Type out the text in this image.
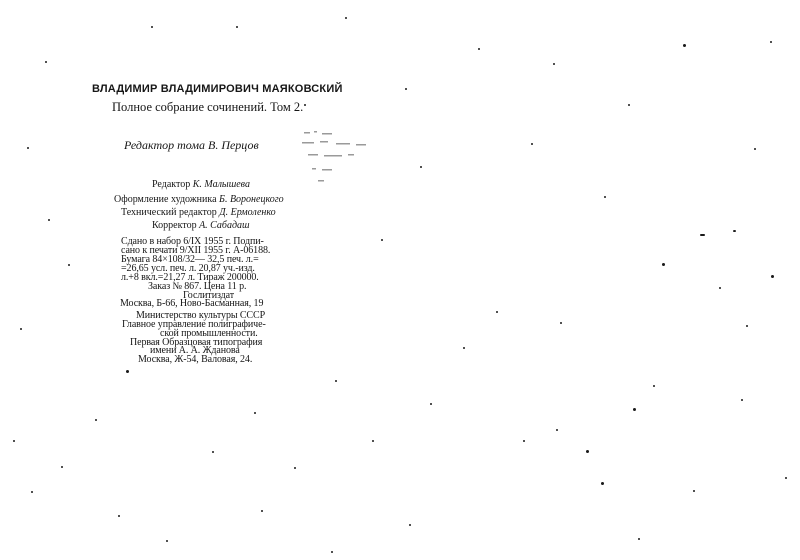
ВЛАДИМИР ВЛАДИМИРОВИЧ МАЯКОВСКИЙ
Полное собрание сочинений. Том 2.
Редактор тома В. Перцов
Редактор К. Малышева
Оформление художника Б. Воронецкого
Технический редактор Д. Ермоленко
Корректор А. Сабадаш
Сдано в набор 6/IX 1955 г. Подпи-
сано к печати 9/XII 1955 г. А-06188.
Бумага 84×108/32— 32,5 печ. л.=
=26,65 усл. печ. л. 20,87 уч.-изд.
л.+8 вкл.=21,27 л. Тираж 200000.
Заказ № 867. Цена 11 р.
Гослитиздат
Москва, Б-66, Ново-Басманная, 19
Министерство культуры СССР
Главное управление полиграфиче-
ской промышленности.
Первая Образцовая типография
имени А. А. Жданова
Москва, Ж-54, Валовая, 24.
